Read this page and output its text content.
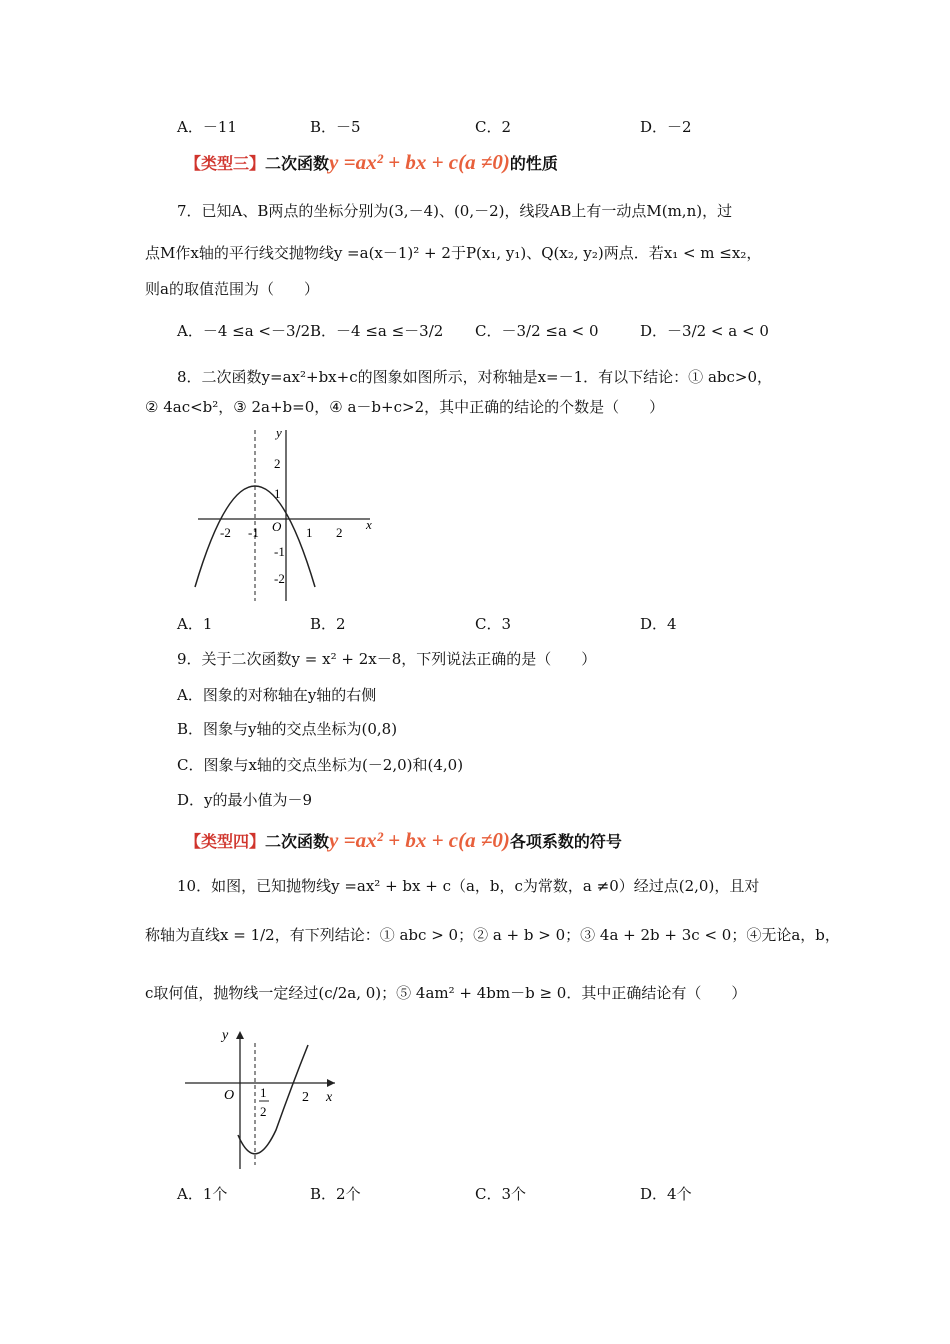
A．－11	B．－5	C．2	D．－2
【类型三】二次函数y =ax² + bx + c(a ≠0)的性质
7．已知A、B两点的坐标分别为(3,－4)、(0,－2)，线段AB上有一动点M(m,n)，过
点M作x轴的平行线交抛物线y =a(x－1)² + 2于P(x₁, y₁)、Q(x₂, y₂)两点．若x₁ < m ≤x₂，
则a的取值范围为（　　）
A．－4 ≤a <－3/2 B．－4 ≤a ≤－3/2 C．－3/2 ≤a < 0	D．－3/2 < a < 0
8．二次函数y=ax²+bx+c的图象如图所示，对称轴是x=－1．有以下结论：① abc>0，
② 4ac<b²，③ 2a+b=0，④ a－b+c>2，其中正确的结论的个数是（　　）
y
x
O
-2 -1	1 2
2
1
-1
-2
A．1	B．2	C．3	D．4
9．关于二次函数y = x² + 2x－8，下列说法正确的是（　　）
A．图象的对称轴在y轴的右侧
B．图象与y轴的交点坐标为(0,8)
C．图象与x轴的交点坐标为(－2,0)和(4,0)
D．y的最小值为－9
【类型四】二次函数y =ax² + bx + c(a ≠0)各项系数的符号
10．如图，已知抛物线y =ax² + bx + c（a，b，c为常数，a ≠0）经过点(2,0)，且对
称轴为直线x = 1/2，有下列结论：① abc > 0；② a + b > 0；③ 4a + 2b + 3c < 0；④无论a，b，
c取何值，抛物线一定经过(c/2a, 0)；⑤ 4am² + 4bm－b ≥ 0．其中正确结论有（　　）
y
x
O 1
2
2
A．1个	B．2个	C．3个	D．4个
